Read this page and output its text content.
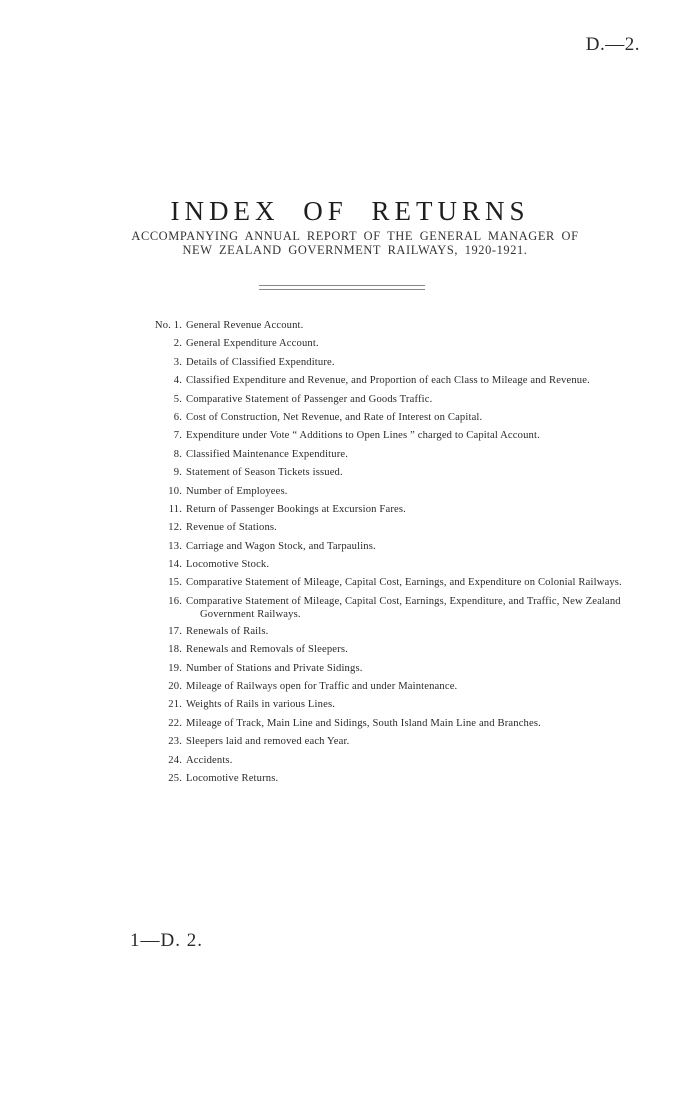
D.—2.
INDEX OF RETURNS
ACCOMPANYING ANNUAL REPORT OF THE GENERAL MANAGER OF NEW ZEALAND GOVERNMENT RAILWAYS, 1920-1921.
No. 1. General Revenue Account.
2. General Expenditure Account.
3. Details of Classified Expenditure.
4. Classified Expenditure and Revenue, and Proportion of each Class to Mileage and Revenue.
5. Comparative Statement of Passenger and Goods Traffic.
6. Cost of Construction, Net Revenue, and Rate of Interest on Capital.
7. Expenditure under Vote “ Additions to Open Lines ” charged to Capital Account.
8. Classified Maintenance Expenditure.
9. Statement of Season Tickets issued.
10. Number of Employees.
11. Return of Passenger Bookings at Excursion Fares.
12. Revenue of Stations.
13. Carriage and Wagon Stock, and Tarpaulins.
14. Locomotive Stock.
15. Comparative Statement of Mileage, Capital Cost, Earnings, and Expenditure on Colonial Railways.
16. Comparative Statement of Mileage, Capital Cost, Earnings, Expenditure, and Traffic, New Zealand Government Railways.
17. Renewals of Rails.
18. Renewals and Removals of Sleepers.
19. Number of Stations and Private Sidings.
20. Mileage of Railways open for Traffic and under Maintenance.
21. Weights of Rails in various Lines.
22. Mileage of Track, Main Line and Sidings, South Island Main Line and Branches.
23. Sleepers laid and removed each Year.
24. Accidents.
25. Locomotive Returns.
1—D. 2.
